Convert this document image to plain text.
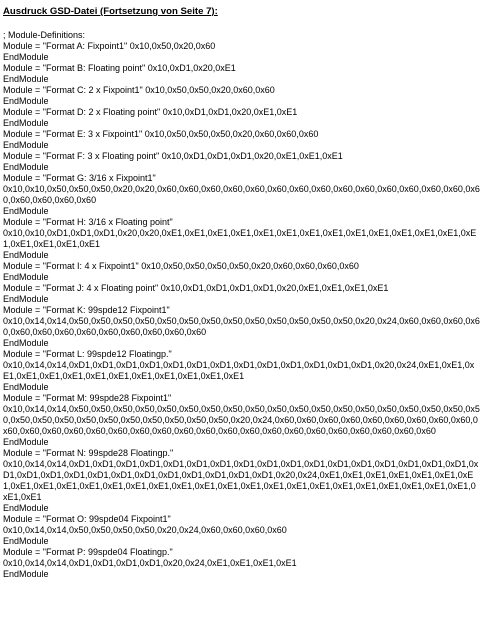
Ausdruck GSD-Datei (Fortsetzung von Seite 7):
; Module-Definitions:
Module = "Format A: Fixpoint1" 0x10,0x50,0x20,0x60
EndModule
Module = "Format B: Floating point" 0x10,0xD1,0x20,0xE1
EndModule
Module = "Format C: 2 x Fixpoint1" 0x10,0x50,0x50,0x20,0x60,0x60
EndModule
Module = "Format D: 2 x Floating point" 0x10,0xD1,0xD1,0x20,0xE1,0xE1
EndModule
Module = "Format E: 3 x Fixpoint1" 0x10,0x50,0x50,0x50,0x20,0x60,0x60,0x60
EndModule
Module = "Format F: 3 x Floating point" 0x10,0xD1,0xD1,0xD1,0x20,0xE1,0xE1,0xE1
EndModule
Module = "Format G: 3/16 x Fixpoint1"
0x10,0x10,0x50,0x50,0x50,0x20,0x20,0x60,0x60,0x60,0x60,0x60,0x60,0x60,0x60,0x60,0x60,0x60,0x60,0x60,0x60,0x60,0x60,0x60,0x60,0x60
EndModule
Module = "Format H: 3/16 x Floating point"
0x10,0x10,0xD1,0xD1,0xD1,0x20,0x20,0xE1,0xE1,0xE1,0xE1,0xE1,0xE1,0xE1,0xE1,0xE1,0xE1,0xE1,0xE1,0xE1,0xE1,0xE1,0xE1,0xE1,0xE1
EndModule
Module = "Format I: 4 x Fixpoint1" 0x10,0x50,0x50,0x50,0x50,0x20,0x60,0x60,0x60,0x60
EndModule
Module = "Format J: 4 x Floating point" 0x10,0xD1,0xD1,0xD1,0xD1,0x20,0xE1,0xE1,0xE1,0xE1
EndModule
Module = "Format K: 99spde12 Fixpoint1"
0x10,0x14,0x14,0x50,0x50,0x50,0x50,0x50,0x50,0x50,0x50,0x50,0x50,0x50,0x50,0x50,0x20,0x24,0x60,0x60,0x60,0x60,0x60,0x60,0x60,0x60,0x60,0x60,0x60,0x60,0x60
EndModule
Module = "Format L: 99spde12 Floatingp."
0x10,0x14,0x14,0xD1,0xD1,0xD1,0xD1,0xD1,0xD1,0xD1,0xD1,0xD1,0xD1,0xD1,0xD1,0xD1,0x20,0x24,0xE1,0xE1,0xE1,0xE1,0xE1,0xE1,0xE1,0xE1,0xE1,0xE1,0xE1,0xE1,0xE1
EndModule
Module = "Format M: 99spde28 Fixpoint1"
0x10,0x14,0x14,0x50,0x50,0x50,0x50,0x50,0x50,0x50,0x50,0x50,0x50,0x50,0x50,0x50,0x50,0x50,0x50,0x50,0x50,0x50,0x50,0x50,0x50,0x50,0x50,0x50,0x50,0x50,0x50,0x50,0x20,0x24,0x60,0x60,0x60,0x60,0x60,0x60,0x60,0x60,0x60,0x60,0x60,0x60,0x60,0x60,0x60,0x60,0x60,0x60,0x60,0x60,0x60,0x60,0x60,0x60,0x60,0x60,0x60,0x60,0x60
EndModule
Module = "Format N: 99spde28 Floatingp."
0x10,0x14,0x14,0xD1,0xD1,0xD1,0xD1,0xD1,0xD1,0xD1,0xD1,0xD1,0xD1,0xD1,0xD1,0xD1,0xD1,0xD1,0xD1,0xD1,0xD1,0xD1,0xD1,0xD1,0xD1,0xD1,0xD1,0xD1,0xD1,0xD1,0xD1,0xD1,0x20,0x24,0xE1,0xE1,0xE1,0xE1,0xE1,0xE1,0xE1,0xE1,0xE1,0xE1,0xE1,0xE1,0xE1,0xE1,0xE1,0xE1,0xE1,0xE1,0xE1,0xE1,0xE1,0xE1,0xE1,0xE1,0xE1,0xE1,0xE1,0xE1,0xE1
EndModule
Module = "Format O: 99spde04 Fixpoint1"
0x10,0x14,0x14,0x50,0x50,0x50,0x50,0x20,0x24,0x60,0x60,0x60,0x60
EndModule
Module = "Format P: 99spde04 Floatingp."
0x10,0x14,0x14,0xD1,0xD1,0xD1,0xD1,0x20,0x24,0xE1,0xE1,0xE1,0xE1
EndModule
